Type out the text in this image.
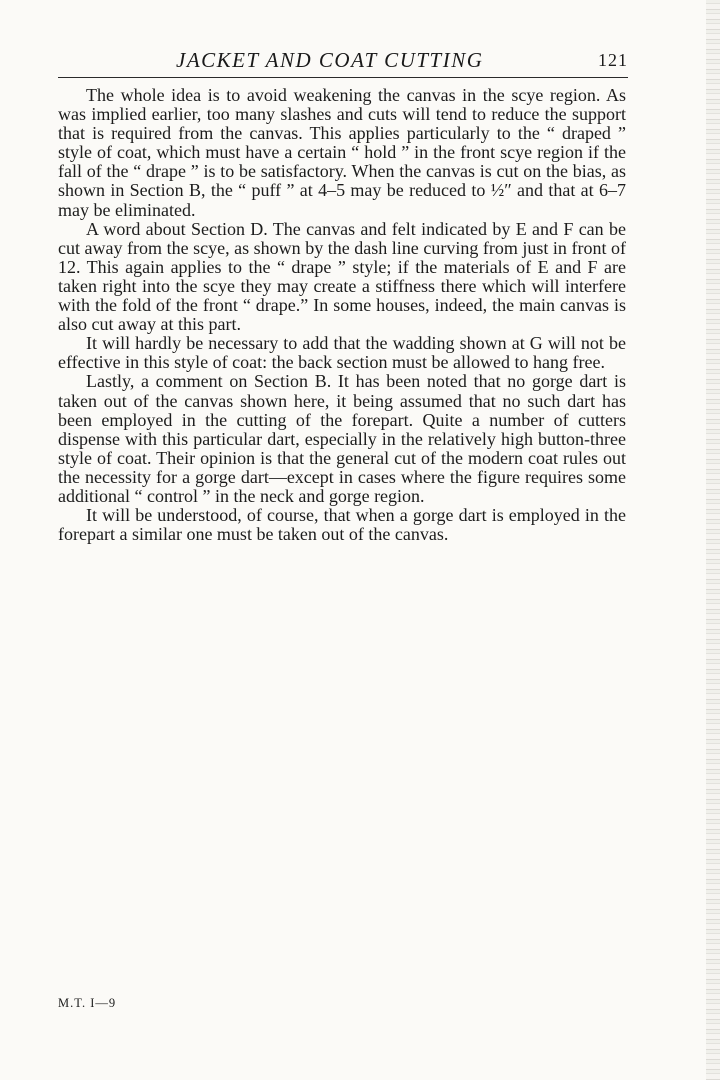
JACKET AND COAT CUTTING	121

The whole idea is to avoid weakening the canvas in the scye region. As was implied earlier, too many slashes and cuts will tend to reduce the support that is required from the canvas. This applies particularly to the “ draped ” style of coat, which must have a certain “ hold ” in the front scye region if the fall of the “ drape ” is to be satisfactory. When the canvas is cut on the bias, as shown in Section B, the “ puff ” at 4–5 may be reduced to ½″ and that at 6–7 may be eliminated.

A word about Section D. The canvas and felt indicated by E and F can be cut away from the scye, as shown by the dash line curving from just in front of 12. This again applies to the “ drape ” style; if the materials of E and F are taken right into the scye they may create a stiffness there which will interfere with the fold of the front “ drape.” In some houses, indeed, the main canvas is also cut away at this part.

It will hardly be necessary to add that the wadding shown at G will not be effective in this style of coat: the back section must be allowed to hang free.

Lastly, a comment on Section B. It has been noted that no gorge dart is taken out of the canvas shown here, it being assumed that no such dart has been employed in the cutting of the forepart. Quite a number of cutters dispense with this particular dart, especially in the relatively high button-three style of coat. Their opinion is that the general cut of the modern coat rules out the necessity for a gorge dart—except in cases where the figure requires some additional “ control ” in the neck and gorge region.

It will be understood, of course, that when a gorge dart is employed in the forepart a similar one must be taken out of the canvas.

M.T. I—9
